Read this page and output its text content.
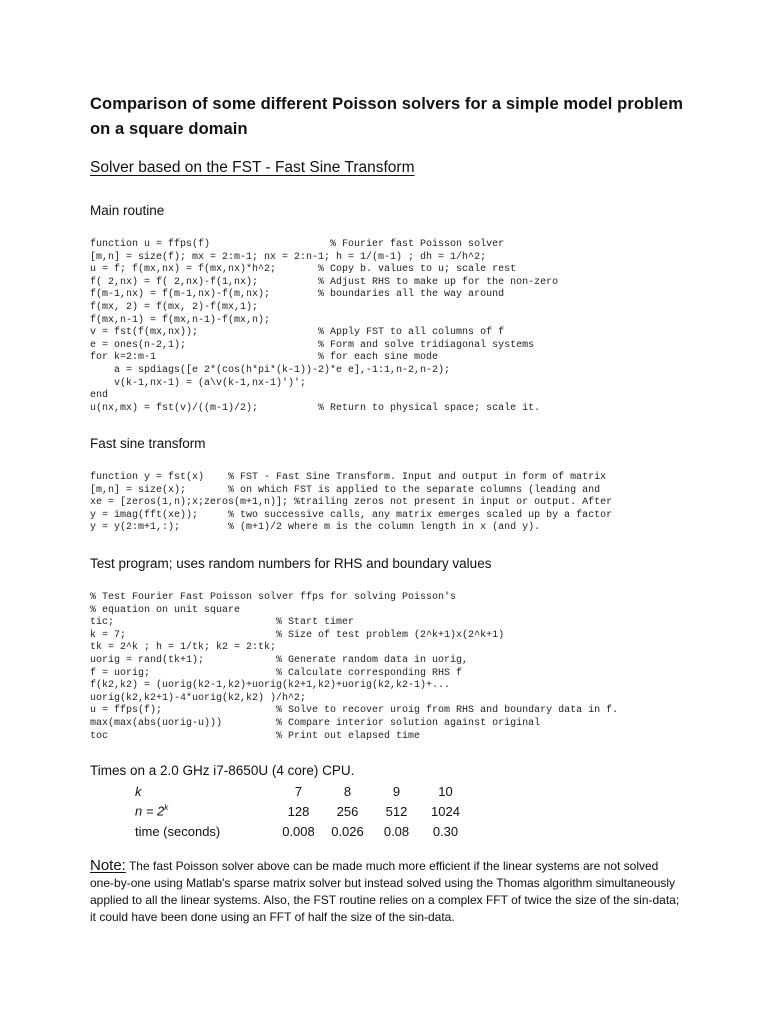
Comparison of some different Poisson solvers for a simple model problem on a square domain
Solver based on the FST - Fast Sine Transform
Main routine
function u = ffps(f)                    % Fourier fast Poisson solver
[m,n] = size(f); mx = 2:m-1; nx = 2:n-1; h = 1/(m-1) ; dh = 1/h^2;
u = f; f(mx,nx) = f(mx,nx)*h^2;       % Copy b. values to u; scale rest
f( 2,nx) = f( 2,nx)-f(1,nx);          % Adjust RHS to make up for the non-zero
f(m-1,nx) = f(m-1,nx)-f(m,nx);        % boundaries all the way around
f(mx, 2) = f(mx, 2)-f(mx,1);
f(mx,n-1) = f(mx,n-1)-f(mx,n);
v = fst(f(mx,nx));                    % Apply FST to all columns of f
e = ones(n-2,1);                      % Form and solve tridiagonal systems
for k=2:m-1                           % for each sine mode
a = spdiags([e 2*(cos(h*pi*(k-1))-2)*e e],-1:1,n-2,n-2);
v(k-1,nx-1) = (a\v(k-1,nx-1)')';
end
u(nx,mx) = fst(v)/((m-1)/2);          % Return to physical space; scale it.
Fast sine transform
function y = fst(x)    % FST - Fast Sine Transform. Input and output in form of matrix
[m,n] = size(x);       % on which FST is applied to the separate columns (leading and
xe = [zeros(1,n);x;zeros(m+1,n)]; %trailing zeros not present in input or output. After
y = imag(fft(xe));     % two successive calls, any matrix emerges scaled up by a factor
y = y(2:m+1,:);        % (m+1)/2 where m is the column length in x (and y).
Test program; uses random numbers for RHS and boundary values
% Test Fourier Fast Poisson solver ffps for solving Poisson's
% equation on unit square
tic;                           % Start timer
k = 7;                         % Size of test problem (2^k+1)x(2^k+1)
tk = 2^k ; h = 1/tk; k2 = 2:tk;
uorig = rand(tk+1);            % Generate random data in uorig,
f = uorig;                     % Calculate corresponding RHS f
f(k2,k2) = (uorig(k2-1,k2)+uorig(k2+1,k2)+uorig(k2,k2-1)+...
uorig(k2,k2+1)-4*uorig(k2,k2) )/h^2;
u = ffps(f);                   % Solve to recover uroig from RHS and boundary data in f.
max(max(abs(uorig-u)))         % Compare interior solution against original
toc                            % Print out elapsed time

Times on a 2.0 GHz i7-8650U (4 core) CPU.

k	7	8	9	10
$n = 2^k$	128	256	512	1024
time (seconds)	0.008	0.026	0.08	0.30

Note: The fast Poisson solver above can be made much more efficient if the linear systems are not solved one-by-one using Matlab's sparse matrix solver but instead solved using the Thomas algorithm simultaneously applied to all the linear systems. Also, the FST routine relies on a complex FFT of twice the size of the sin-data; it could have been done using an FFT of half the size of the sin-data.
